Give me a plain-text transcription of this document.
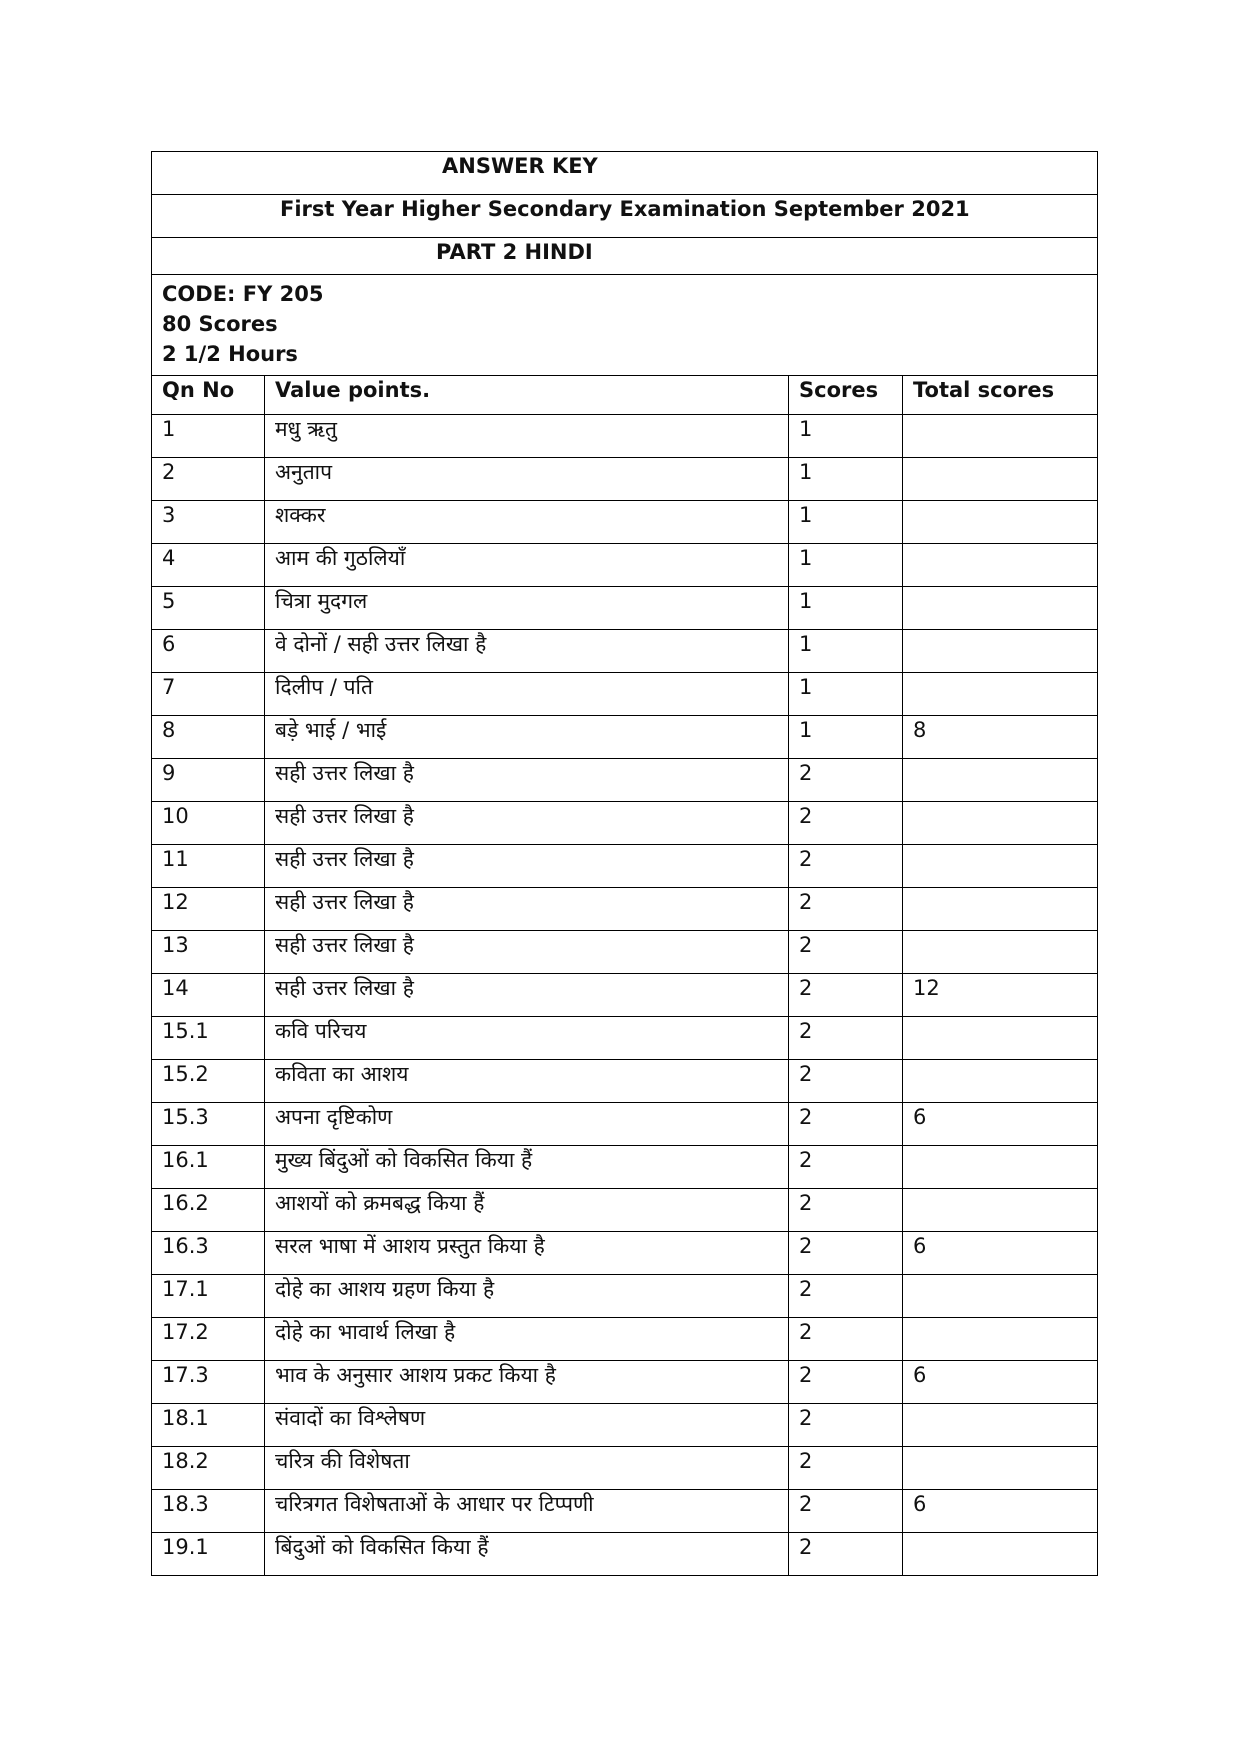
ANSWER KEY			
First Year Higher Secondary Examination September 2021			
PART 2 HINDI			

CODE: FY 205
80 Scores
2 1/2 Hours			

Qn No	Value points.	Scores	Total scores
1	मधु ऋतु	1	
2	अनुताप	1	
3	शक्कर	1	
4	आम की गुठलियाँ	1	
5	चित्रा मुदगल	1	
6	वे दोनों / सही उत्तर लिखा है	1	
7	दिलीप / पति	1	
8	बड़े भाई / भाई	1	8
9	सही उत्तर लिखा है	2	
10	सही उत्तर लिखा है	2	
11	सही उत्तर लिखा है	2	
12	सही उत्तर लिखा है	2	
13	सही उत्तर लिखा है	2	
14	सही उत्तर लिखा है	2	12
15.1	कवि परिचय	2	
15.2	कविता का आशय	2	
15.3	अपना दृष्टिकोण	2	6
16.1	मुख्य बिंदुओं को विकसित किया हैं	2	
16.2	आशयों को क्रमबद्ध किया हैं	2	
16.3	सरल भाषा में आशय प्रस्तुत किया है	2	6
17.1	दोहे का आशय ग्रहण किया है	2	
17.2	दोहे का भावार्थ लिखा है	2	
17.3	भाव के अनुसार आशय प्रकट किया है	2	6
18.1	संवादों का विश्लेषण	2	
18.2	चरित्र की विशेषता	2	
18.3	चरित्रगत विशेषताओं के आधार पर टिप्पणी	2	6
19.1	बिंदुओं को विकसित किया हैं	2	
